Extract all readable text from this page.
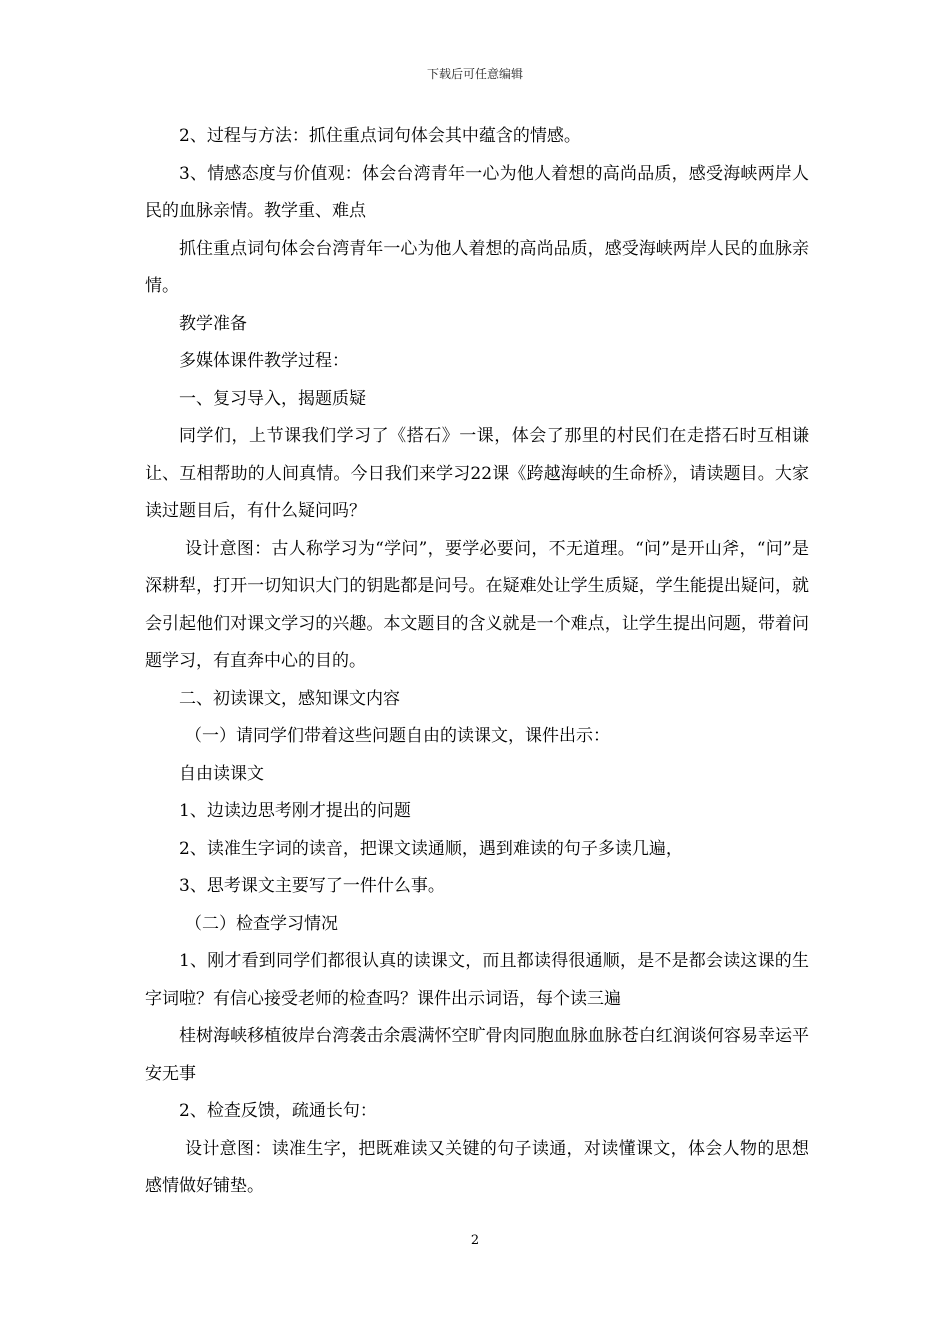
下载后可任意编辑

2、过程与方法：抓住重点词句体会其中蕴含的情感。

3、情感态度与价值观：体会台湾青年一心为他人着想的高尚品质，感受海峡两岸人民的血脉亲情。教学重、难点

抓住重点词句体会台湾青年一心为他人着想的高尚品质，感受海峡两岸人民的血脉亲情。

教学准备

多媒体课件教学过程：

一、复习导入，揭题质疑

同学们，上节课我们学习了《搭石》一课，体会了那里的村民们在走搭石时互相谦让、互相帮助的人间真情。今日我们来学习22课《跨越海峡的生命桥》，请读题目。大家读过题目后，有什么疑问吗？

设计意图：古人称学习为“学问”，要学必要问，不无道理。“问”是开山斧，“问”是深耕犁，打开一切知识大门的钥匙都是问号。在疑难处让学生质疑，学生能提出疑问，就会引起他们对课文学习的兴趣。本文题目的含义就是一个难点，让学生提出问题，带着问题学习，有直奔中心的目的。

二、初读课文，感知课文内容

（一）请同学们带着这些问题自由的读课文，课件出示：

自由读课文

1、边读边思考刚才提出的问题

2、读准生字词的读音，把课文读通顺，遇到难读的句子多读几遍，

3、思考课文主要写了一件什么事。

（二）检查学习情况

1、刚才看到同学们都很认真的读课文，而且都读得很通顺，是不是都会读这课的生字词啦？有信心接受老师的检查吗？课件出示词语，每个读三遍

桂树海峡移植彼岸台湾袭击余震满怀空旷骨肉同胞血脉血脉苍白红润谈何容易幸运平安无事

2、检查反馈，疏通长句：

设计意图：读准生字，把既难读又关键的句子读通，对读懂课文，体会人物的思想感情做好铺垫。

2
